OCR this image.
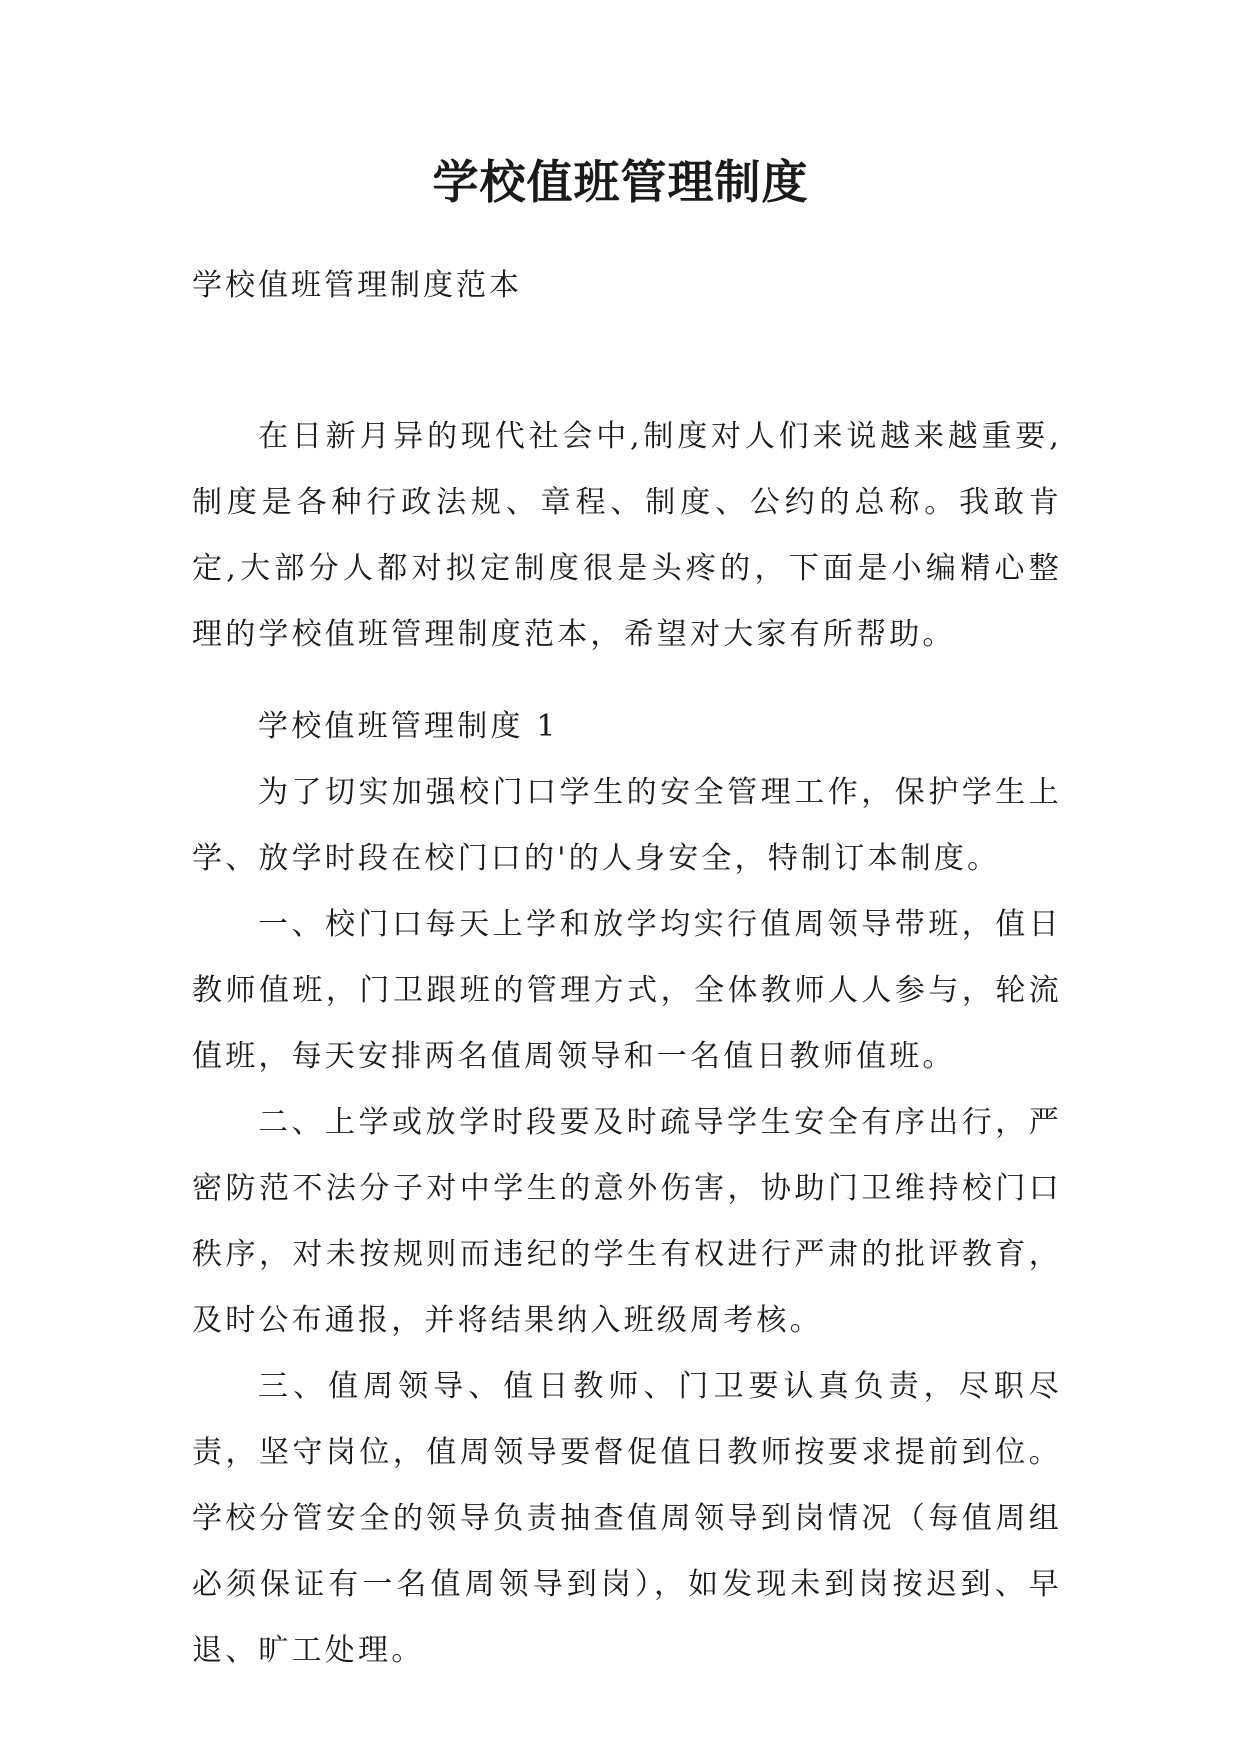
学校值班管理制度

学校值班管理制度范本

在日新月异的现代社会中,制度对人们来说越来越重要,制度是各种行政法规、章程、制度、公约的总称。我敢肯定,大部分人都对拟定制度很是头疼的，下面是小编精心整理的学校值班管理制度范本，希望对大家有所帮助。

学校值班管理制度 1

为了切实加强校门口学生的安全管理工作，保护学生上学、放学时段在校门口的'的人身安全，特制订本制度。

一、校门口每天上学和放学均实行值周领导带班，值日教师值班，门卫跟班的管理方式，全体教师人人参与，轮流值班，每天安排两名值周领导和一名值日教师值班。

二、上学或放学时段要及时疏导学生安全有序出行，严密防范不法分子对中学生的意外伤害，协助门卫维持校门口秩序，对未按规则而违纪的学生有权进行严肃的批评教育，及时公布通报，并将结果纳入班级周考核。

三、值周领导、值日教师、门卫要认真负责，尽职尽责，坚守岗位，值周领导要督促值日教师按要求提前到位。学校分管安全的领导负责抽查值周领导到岗情况（每值周组必须保证有一名值周领导到岗），如发现未到岗按迟到、早退、旷工处理。
